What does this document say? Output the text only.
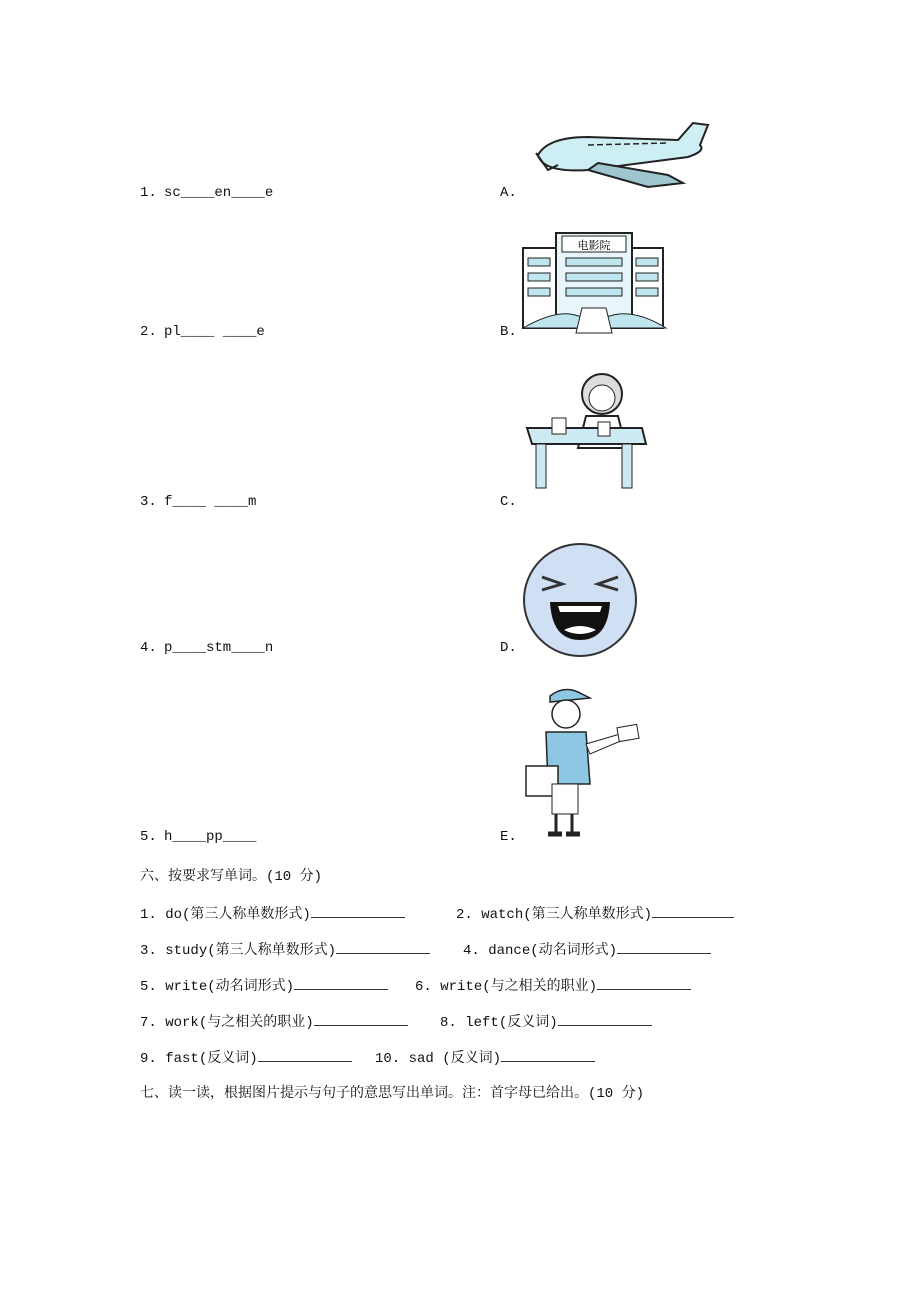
1. sc____en____e	A.
2. pl____ ____e	B.
3. f____ ____m	C.
4. p____stm____n	D.
5. h____pp____	E.
电影院
六、按要求写单词。(10 分)
1. do(第三人称单数形式)	2. watch(第三人称单数形式)
3. study(第三人称单数形式)	4. dance(动名词形式)
5. write(动名词形式)	6. write(与之相关的职业)
7. work(与之相关的职业)	8. left(反义词)
9. fast(反义词)	10. sad (反义词)
七、读一读，根据图片提示与句子的意思写出单词。注：首字母已给出。(10 分)
